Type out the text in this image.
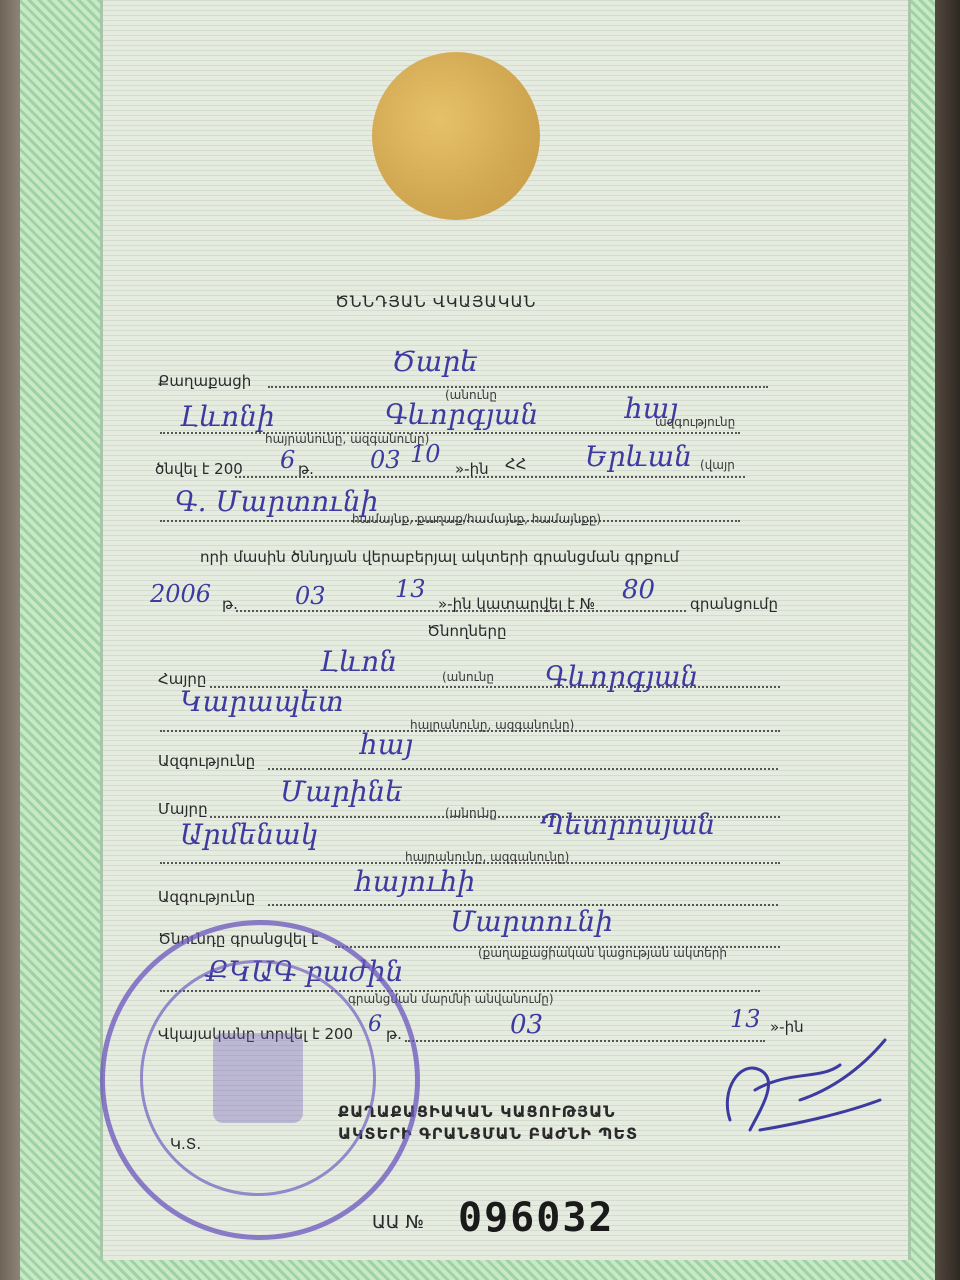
ԾՆՆԴՅԱՆ ՎԿԱՅԱԿԱՆ
Ծարե
Քաղաքացի
(անունը
Լևոնի	Գևորգյան	հայ
հայրանունը, ազգանունը)
ազգությունը
ծնվել է 200 6 թ. 03 10
»-ին ՀՀ Երևան (վայր
Գ. Մարտունի
համայնք, քաղաք/համայնք, համայնքը)
որի մասին ծննդյան վերաբերյալ ակտերի գրանցման գրքում
2006 թ. 03	13
»-ին կատարվել է № 80 գրանցումը
Ծնողները
Հայրը
Լևոն	(անունը Գևորգյան
Կարապետ
հայրանունը, ազգանունը)
Ազգությունը	հայ
Մայրը
Մարինե
(անունը
Արմենակ	Պետրոսյան
հայրանունը, ազգանունը)
Ազգությունը	հայուհի
Ծնունդը գրանցվել է
Մարտունի
(քաղաքացիական կացության ակտերի
ՔԿԱԳ բաժին
գրանցման մարմնի անվանումը)
Վկայականը տրվել է 200 6 թ.	03	13 »-ին
ՔԱՂԱՔԱՑԻԱԿԱՆ ԿԱՑՈՒԹՅԱՆ
ԱԿՏԵՐԻ ԳՐԱՆՑՄԱՆ ԲԱԺՆԻ ՊԵՏ
Կ.Տ.
ԱԱ № 096032
